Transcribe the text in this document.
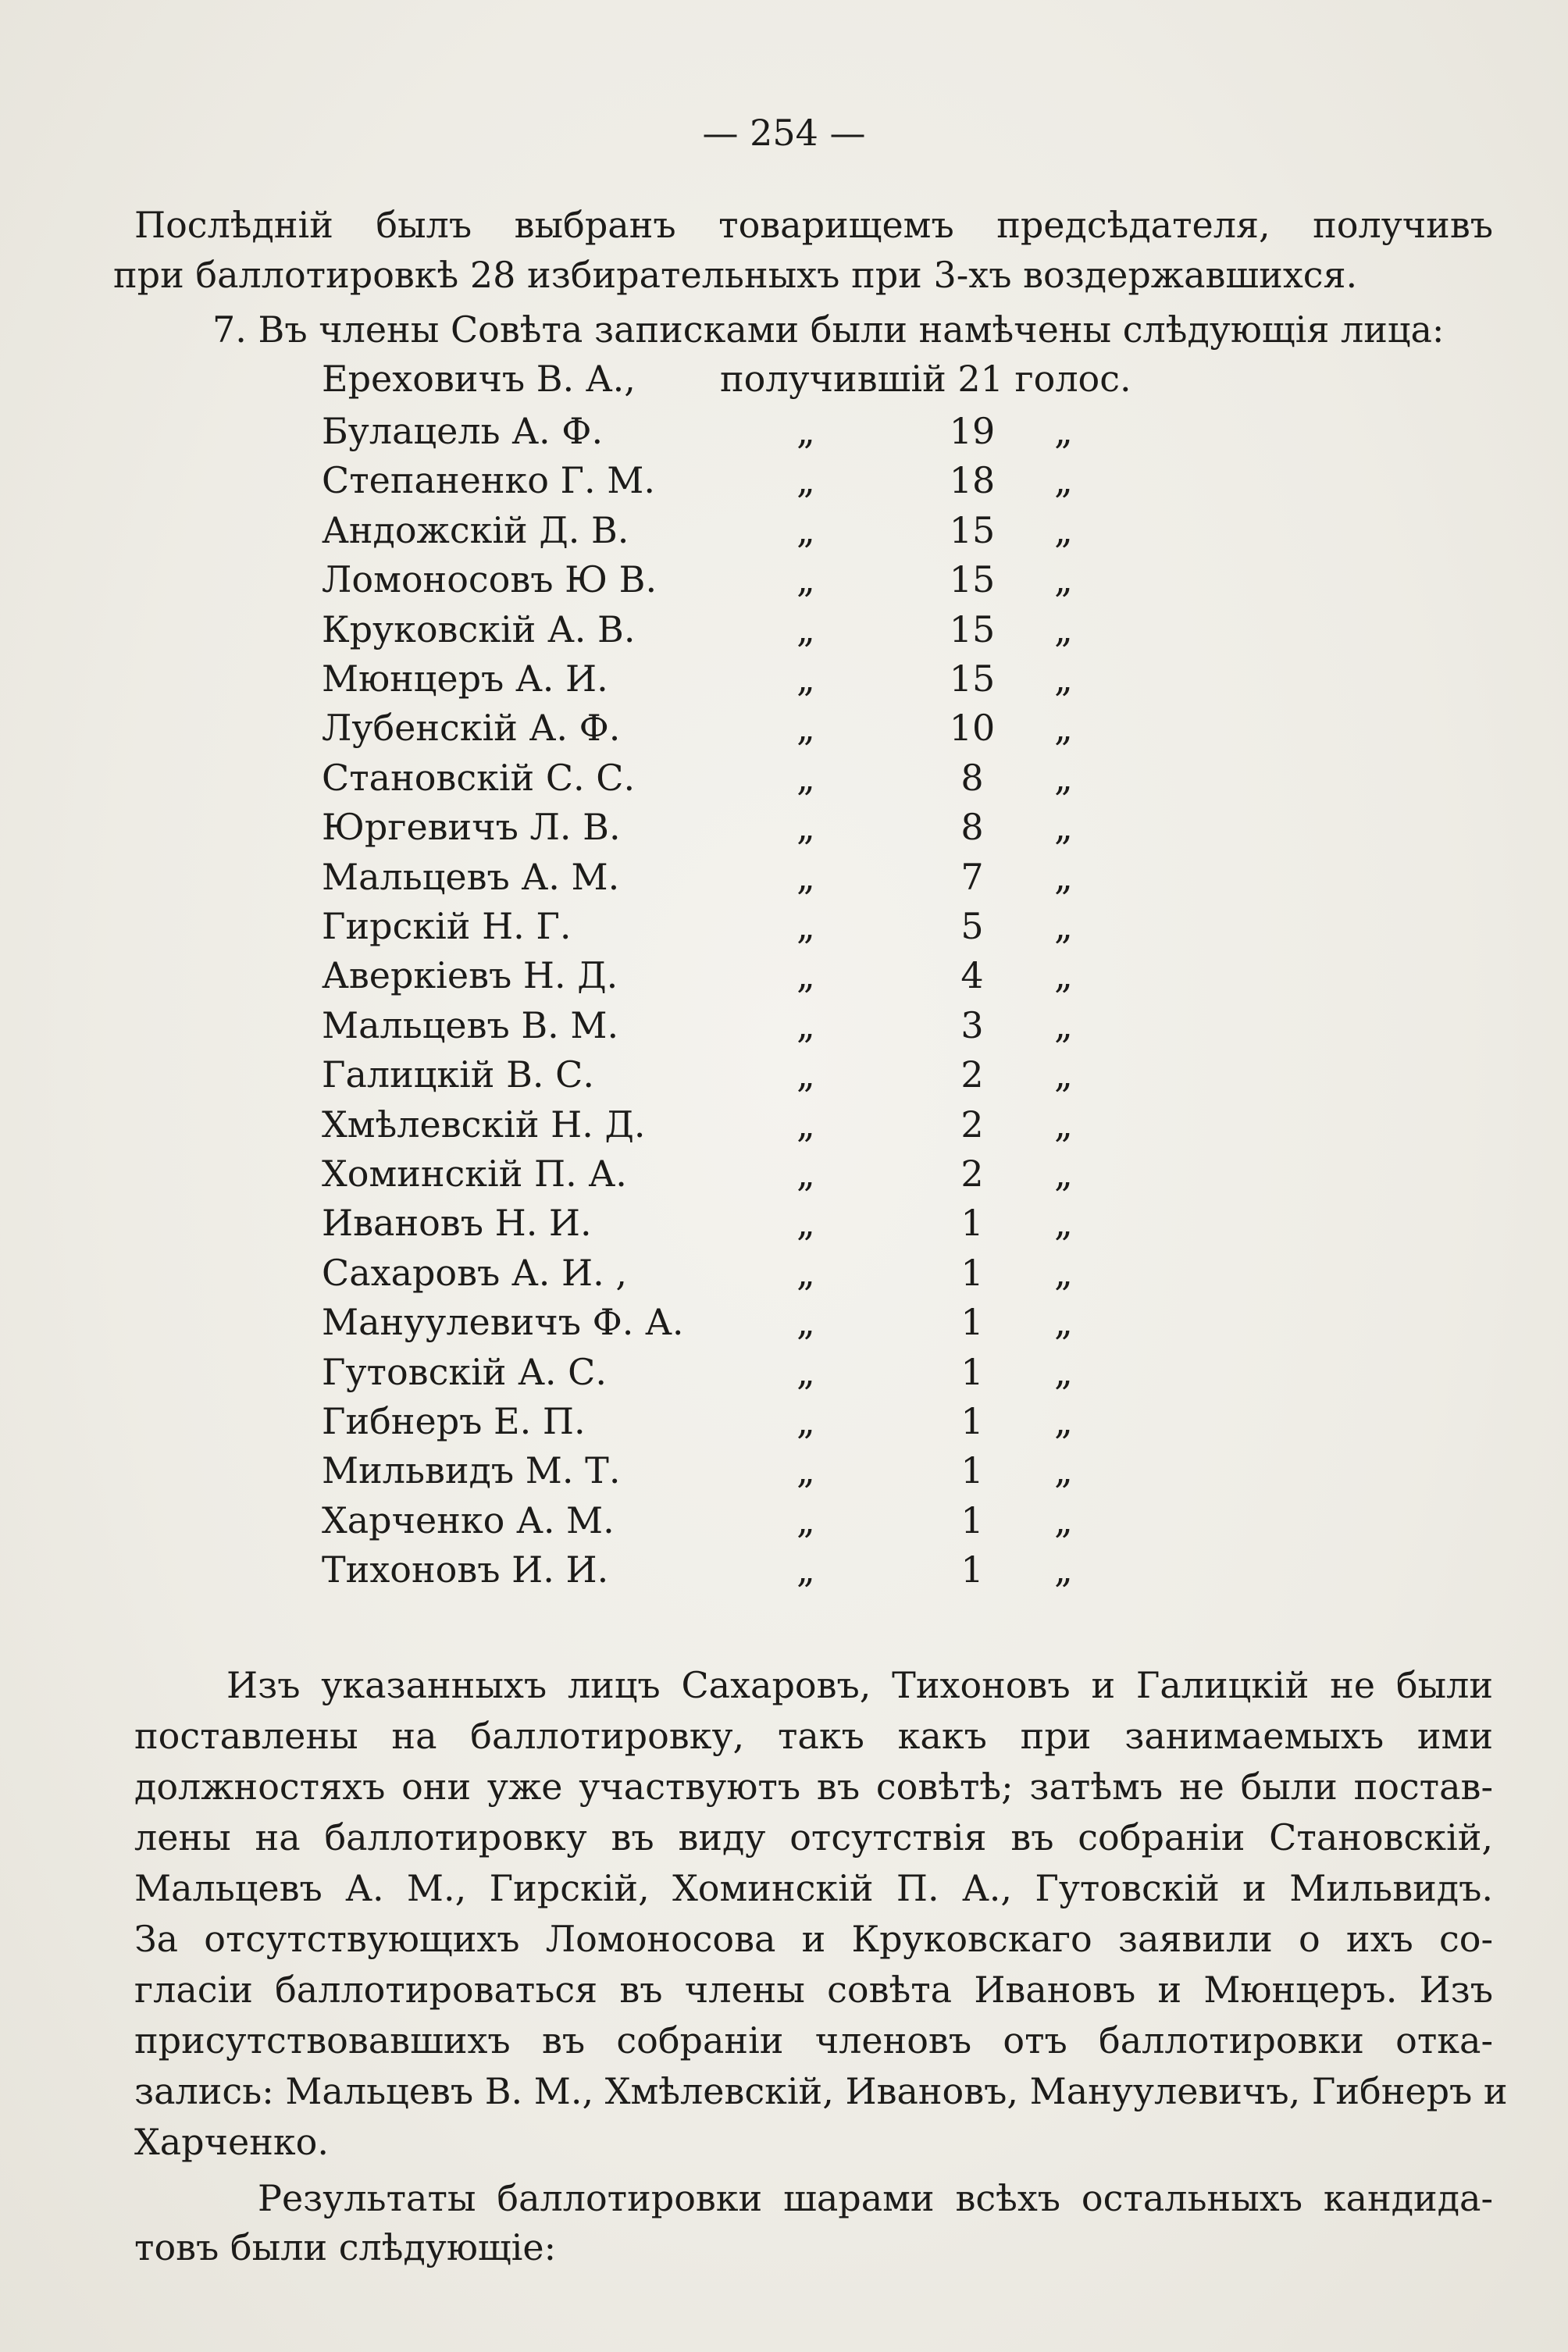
— 254 —
Послѣдній былъ выбранъ товарищемъ предсѣдателя, получивъ
при баллотировкѣ 28 избирательныхъ при 3-хъ воздержавшихся.
7. Въ члены Совѣта записками были намѣчены слѣдующія лица:
Ереховичъ В. А., получившій 21 голос.
Булацель А. Ф.	„	19 „
Степаненко Г. М.	„	18 „
Андожскій Д. В.	„	15 „
Ломоносовъ Ю В.	„	15 „
Круковскій А. В.	„	15 „
Мюнцеръ А. И.	„	15 „
Лубенскій А. Ф.	„	10 „
Становскій С. С.	„	8	„
Юргевичъ Л. В.	„	8	„
Мальцевъ А. М.	„	7	„
Гирскій Н. Г.	„	5	„
Аверкіевъ Н. Д.	„	4	„
Мальцевъ В. М.	„	3	„
Галицкій В. С.	„	2	„
Хмѣлевскій Н. Д.	„	2	„
Хоминскій П. А.	„	2	„
Ивановъ Н. И.	„	1	„
Сахаровъ А. И. ,	„	1	„
Мануулевичъ Ф. А.	„	1	„
Гутовскій А. С.	„	1	„
Гибнеръ Е. П.	„	1	„
Мильвидъ М. Т.	„	1	„
Харченко А. М.	„	1	„
Тихоновъ И. И.	„	1	„
Изъ указанныхъ лицъ Сахаровъ, Тихоновъ и Галицкій не были
поставлены на баллотировку, такъ какъ при занимаемыхъ ими
должностяхъ они уже участвуютъ въ совѣтѣ; затѣмъ не были постав-
лены на баллотировку въ виду отсутствія въ собраніи Становскій,
Мальцевъ А. М., Гирскій, Хоминскій П. А., Гутовскій и Мильвидъ.
За отсутствующихъ Ломоносова и Круковскаго заявили о ихъ со-
гласіи баллотироваться въ члены совѣта Ивановъ и Мюнцеръ. Изъ
присутствовавшихъ въ собраніи членовъ отъ баллотировки отка-
зались: Мальцевъ В. М., Хмѣлевскій, Ивановъ, Мануулевичъ, Гибнеръ и
Харченко.
Результаты баллотировки шарами всѣхъ остальныхъ кандида-
товъ были слѣдующіе:
